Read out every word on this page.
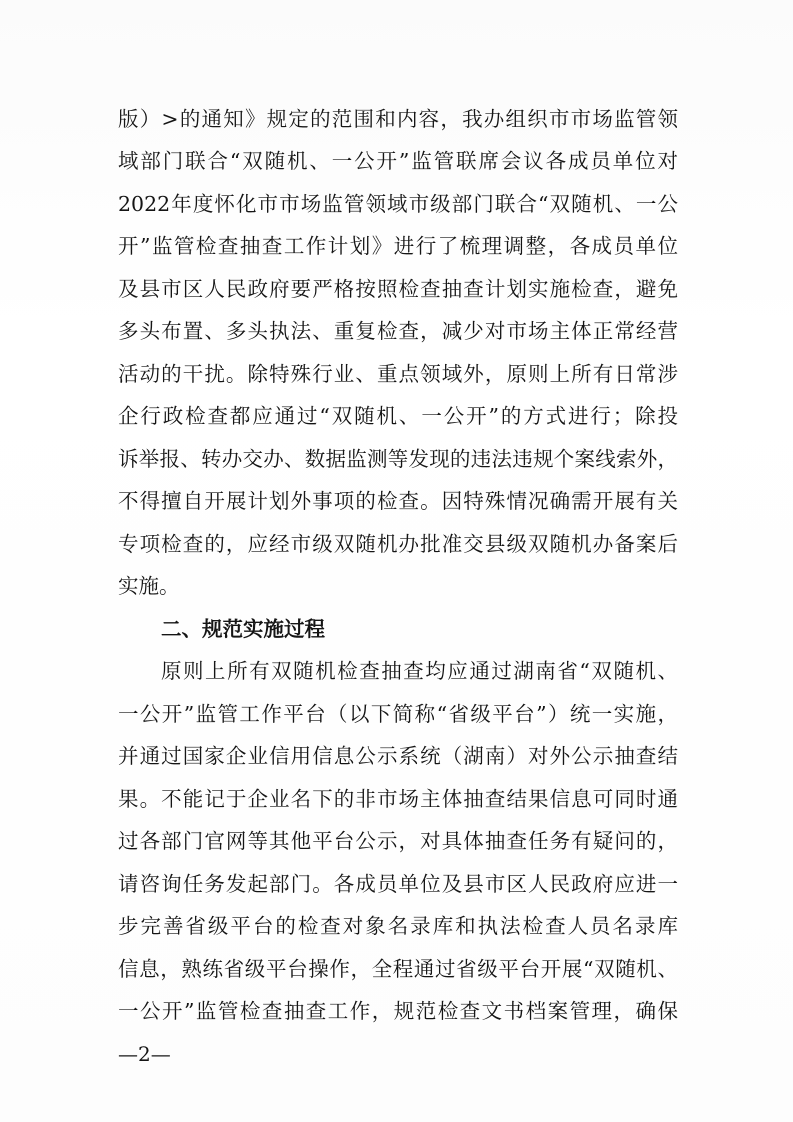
版）>的通知》规定的范围和内容，我办组织市市场监管领
域部门联合“双随机、一公开”监管联席会议各成员单位对
2022年度怀化市市场监管领域市级部门联合“双随机、一公
开”监管检查抽查工作计划》进行了梳理调整，各成员单位
及县市区人民政府要严格按照检查抽查计划实施检查，避免
多头布置、多头执法、重复检查，减少对市场主体正常经营
活动的干扰。除特殊行业、重点领域外，原则上所有日常涉
企行政检查都应通过“双随机、一公开”的方式进行；除投
诉举报、转办交办、数据监测等发现的违法违规个案线索外，
不得擅自开展计划外事项的检查。因特殊情况确需开展有关
专项检查的，应经市级双随机办批准交县级双随机办备案后
实施。
二、规范实施过程
原则上所有双随机检查抽查均应通过湖南省“双随机、
一公开”监管工作平台（以下简称“省级平台”）统一实施，
并通过国家企业信用信息公示系统（湖南）对外公示抽查结
果。不能记于企业名下的非市场主体抽查结果信息可同时通
过各部门官网等其他平台公示，对具体抽查任务有疑问的，
请咨询任务发起部门。各成员单位及县市区人民政府应进一
步完善省级平台的检查对象名录库和执法检查人员名录库
信息，熟练省级平台操作，全程通过省级平台开展“双随机、
一公开”监管检查抽查工作，规范检查文书档案管理，确保
—2—
